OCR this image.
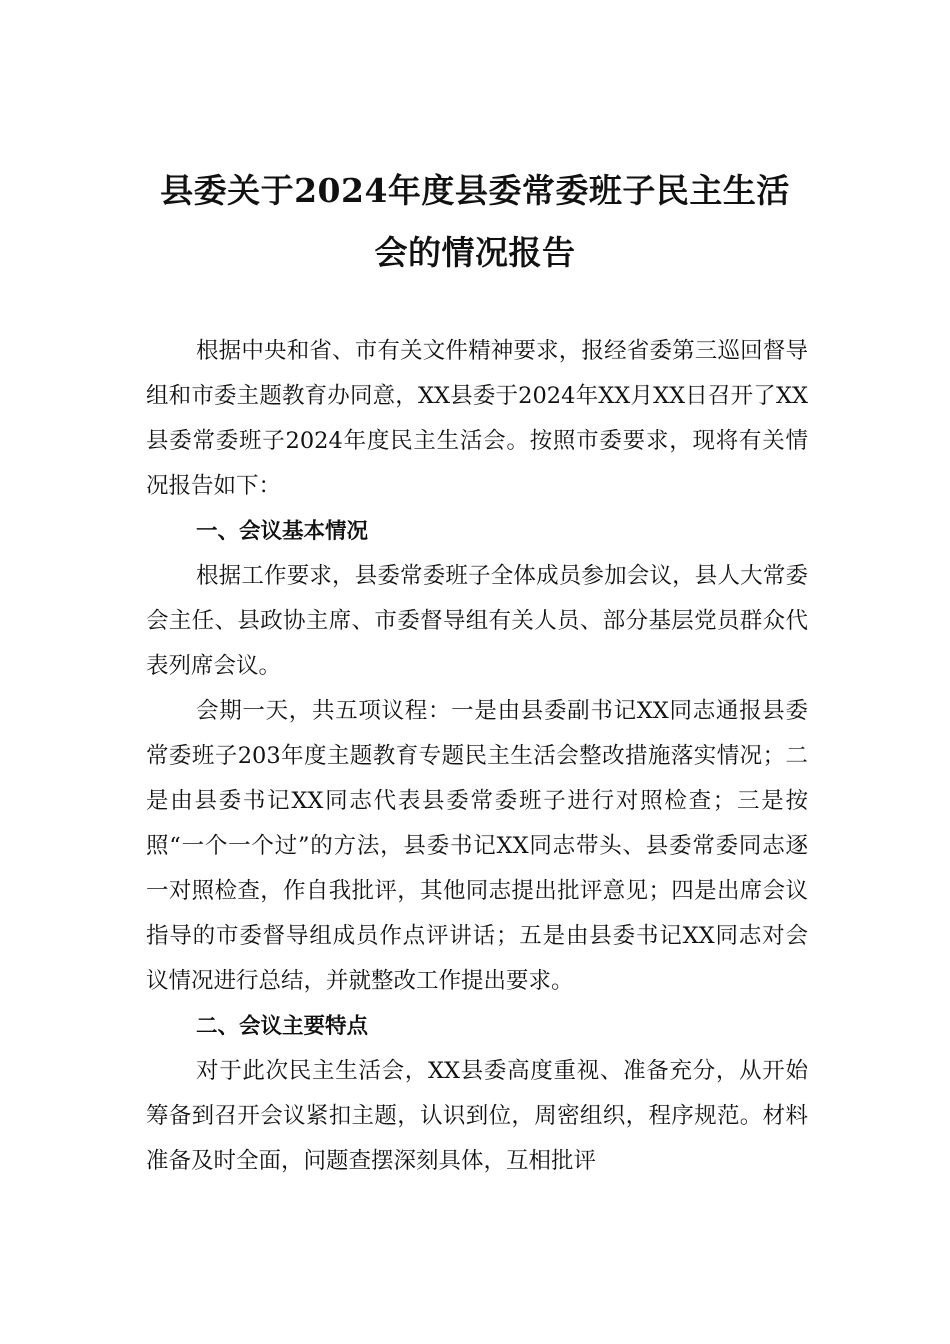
县委关于2024年度县委常委班子民主生活
会的情况报告

根据中央和省、市有关文件精神要求，报经省委第三巡回督导组和市委主题教育办同意，XX县委于2024年XX月XX日召开了XX县委常委班子2024年度民主生活会。按照市委要求，现将有关情况报告如下：

一、会议基本情况

根据工作要求，县委常委班子全体成员参加会议，县人大常委会主任、县政协主席、市委督导组有关人员、部分基层党员群众代表列席会议。

会期一天，共五项议程：一是由县委副书记XX同志通报县委常委班子203年度主题教育专题民主生活会整改措施落实情况；二是由县委书记XX同志代表县委常委班子进行对照检查；三是按照“一个一个过”的方法，县委书记XX同志带头、县委常委同志逐一对照检查，作自我批评，其他同志提出批评意见；四是出席会议指导的市委督导组成员作点评讲话；五是由县委书记XX同志对会议情况进行总结，并就整改工作提出要求。

二、会议主要特点

对于此次民主生活会，XX县委高度重视、准备充分，从开始筹备到召开会议紧扣主题，认识到位，周密组织，程序规范。材料准备及时全面，问题查摆深刻具体，互相批评
